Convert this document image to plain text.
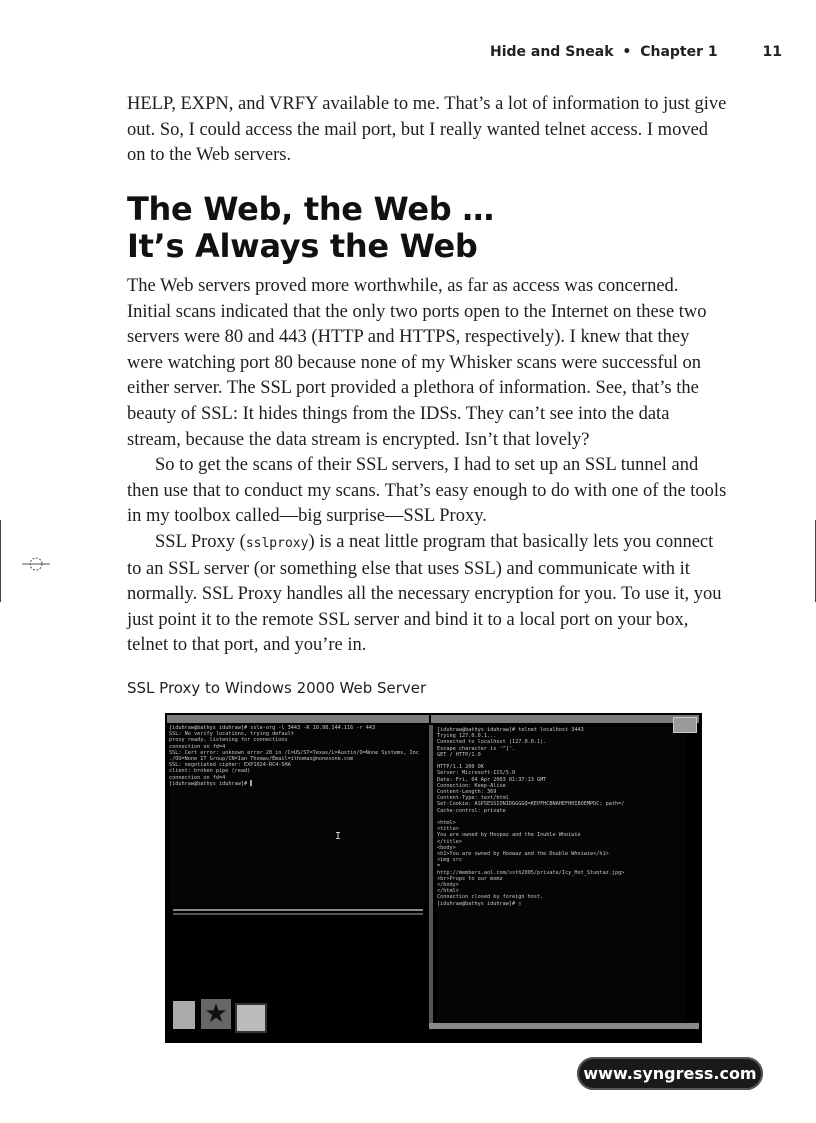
Hide and Sneak • Chapter 1	11

HELP, EXPN, and VRFY available to me. That’s a lot of information to just give out. So, I could access the mail port, but I really wanted telnet access. I moved on to the Web servers.

The Web, the Web …
It’s Always the Web

The Web servers proved more worthwhile, as far as access was concerned. Initial scans indicated that the only two ports open to the Internet on these two servers were 80 and 443 (HTTP and HTTPS, respectively). I knew that they were watching port 80 because none of my Whisker scans were successful on either server. The SSL port provided a plethora of information. See, that’s the beauty of SSL: It hides things from the IDSs. They can’t see into the data stream, because the data stream is encrypted. Isn’t that lovely?

So to get the scans of their SSL servers, I had to set up an SSL tunnel and then use that to conduct my scans. That’s easy enough to do with one of the tools in my toolbox called—big surprise—SSL Proxy.

SSL Proxy (sslproxy) is a neat little program that basically lets you connect to an SSL server (or something else that uses SSL) and communicate with it normally. SSL Proxy handles all the necessary encryption for you. To use it, you just point it to the remote SSL server and bind it to a local port on your box, telnet to that port, and you’re in.

SSL Proxy to Windows 2000 Web Server
[iduhraw@bathys iduhraw]# ssle-org -l 3443 -R 10.98.144.116 -r 443
SSL: No verify locations, trying default
proxy ready, listening for connections
connection on fd=4
SSL: Cert error: unknown error 20 in /C=US/ST=Texas/L=Austin/O=None Systems, Inc
./OU=None IT Group/CN=Ian Thomas/Email=ithomas@nonesone.com
SSL: negotiated cipher: EXP1024-RC4-SHA
client: broken pipe (read)
connection on fd=4
[iduhraw@bathys iduhraw]# ▌
I
[iduhraw@bathys iduhraw]# telnet localhost 3443
Trying 127.0.0.1...
Connected to localhost (127.0.0.1).
Escape character is '^]'.
GET / HTTP/1.0

HTTP/1.1 200 OK
Server: Microsoft-IIS/5.0
Date: Fri, 04 Apr 2003 01:37:13 GMT
Connection: Keep-Alive
Content-Length: 369
Content-Type: text/html
Set-Cookie: ASPSESSIONIDGGGGQ=KEPFHCBNAHEFHHIBOEMPDC; path=/
Cache-control: private

<html>
<title>
You are owned by Hoopaz and the Inuble Whoiwie
</title>
<body>
<h1>You are owned by Hoowaz and the Double Whoiwie</h1>
<img src
=
http://members.aol.com/ssth2005/private/Icy_Hot_Stuntaz.jpg>
<br>Props to our momz
</body>
</html>
Connection closed by foreign host.
[iduhraw@bathys iduhraw]# ▯
★
www.syngress.com
